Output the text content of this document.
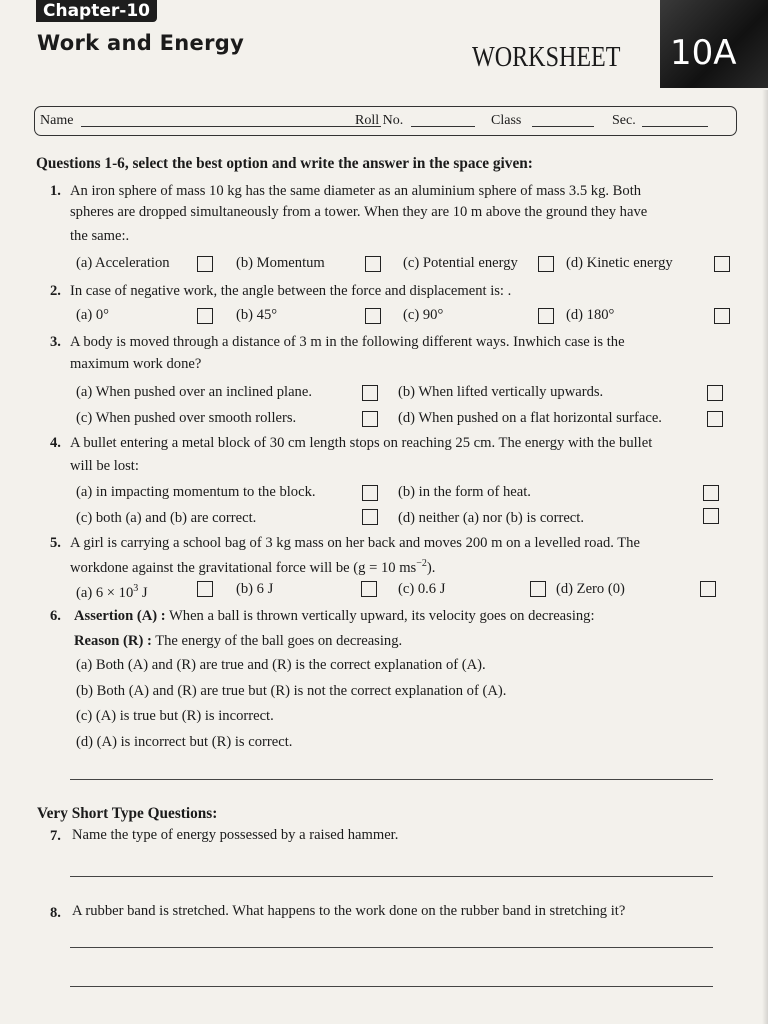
Chapter-10
Work and Energy	WORKSHEET 10A
Name	Roll No.	Class	Sec.
Questions 1-6, select the best option and write the answer in the space given:
1. An iron sphere of mass 10 kg has the same diameter as an aluminium sphere of mass 3.5 kg. Both
spheres are dropped simultaneously from a tower. When they are 10 m above the ground they have
the same:.
(a) Acceleration	(b) Momentum	(c) Potential energy	(d) Kinetic energy
2. In case of negative work, the angle between the force and displacement is: .
(a) 0°	(b) 45°	(c) 90°	(d) 180°
3. A body is moved through a distance of 3 m in the following different ways. Inwhich case is the
maximum work done?
(a) When pushed over an inclined plane.	(b) When lifted vertically upwards.
(c) When pushed over smooth rollers.	(d) When pushed on a flat horizontal surface.
4. A bullet entering a metal block of 30 cm length stops on reaching 25 cm. The energy with the bullet
will be lost:
(a) in impacting momentum to the block.	(b) in the form of heat.
(c) both (a) and (b) are correct.	(d) neither (a) nor (b) is correct.
5. A girl is carrying a school bag of 3 kg mass on her back and moves 200 m on a levelled road. The
workdone against the gravitational force will be (g = 10 $ms^{-2}$).
(a) $6 \times 10^3$ J	(b) 6 J	(c) 0.6 J	(d) Zero (0)
6. Assertion (A) : When a ball is thrown vertically upward, its velocity goes on decreasing:
Reason (R) : The energy of the ball goes on decreasing.
(a) Both (A) and (R) are true and (R) is the correct explanation of (A).
(b) Both (A) and (R) are true but (R) is not the correct explanation of (A).
(c) (A) is true but (R) is incorrect.
(d) (A) is incorrect but (R) is correct.
Very Short Type Questions:
7. Name the type of energy possessed by a raised hammer.
8. A rubber band is stretched. What happens to the work done on the rubber band in stretching it?
